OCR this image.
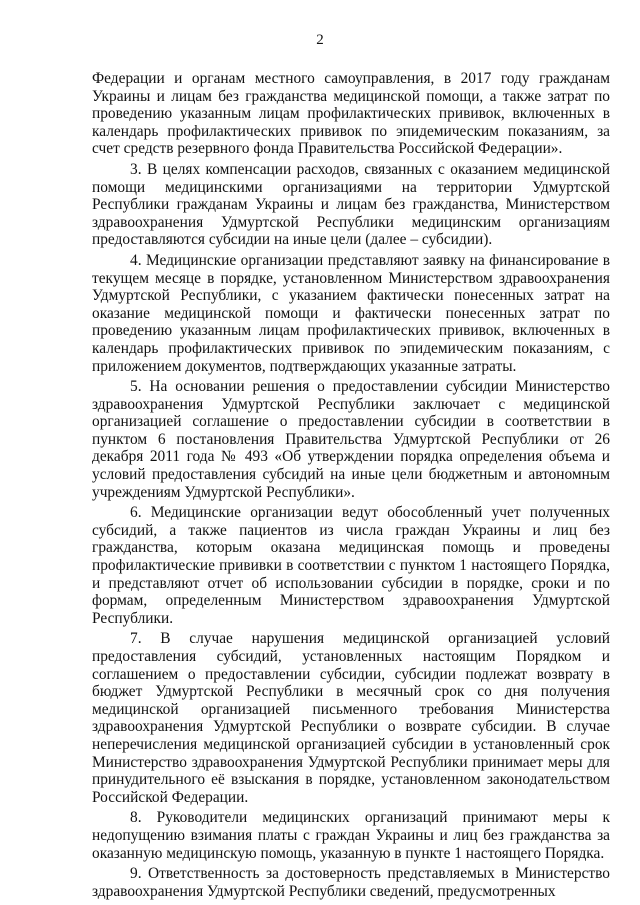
2

Федерации и органам местного самоуправления, в 2017 году гражданам Украины и лицам без гражданства медицинской помощи, а также затрат по проведению указанным лицам профилактических прививок, включенных в календарь профилактических прививок по эпидемическим показаниям, за счет средств резервного фонда Правительства Российской Федерации».

3. В целях компенсации расходов, связанных с оказанием медицинской помощи медицинскими организациями на территории Удмуртской Республики гражданам Украины и лицам без гражданства, Министерством здравоохранения Удмуртской Республики медицинским организациям предоставляются субсидии на иные цели (далее – субсидии).

4. Медицинские организации представляют заявку на финансирование в текущем месяце в порядке, установленном Министерством здравоохранения Удмуртской Республики, с указанием фактически понесенных затрат на оказание медицинской помощи и фактически понесенных затрат по проведению указанным лицам профилактических прививок, включенных в календарь профилактических прививок по эпидемическим показаниям, с приложением документов, подтверждающих указанные затраты.

5. На основании решения о предоставлении субсидии Министерство здравоохранения Удмуртской Республики заключает с медицинской организацией соглашение о предоставлении субсидии в соответствии в пунктом 6 постановления Правительства Удмуртской Республики от 26 декабря 2011 года № 493 «Об утверждении порядка определения объема и условий предоставления субсидий на иные цели бюджетным и автономным учреждениям Удмуртской Республики».

6. Медицинские организации ведут обособленный учет полученных субсидий, а также пациентов из числа граждан Украины и лиц без гражданства, которым оказана медицинская помощь и проведены профилактические прививки в соответствии с пунктом 1 настоящего Порядка, и представляют отчет об использовании субсидии в порядке, сроки и по формам, определенным Министерством здравоохранения Удмуртской Республики.

7. В случае нарушения медицинской организацией условий предоставления субсидий, установленных настоящим Порядком и соглашением о предоставлении субсидии, субсидии подлежат возврату в бюджет Удмуртской Республики в месячный срок со дня получения медицинской организацией письменного требования Министерства здравоохранения Удмуртской Республики о возврате субсидии. В случае неперечисления медицинской организацией субсидии в установленный срок Министерство здравоохранения Удмуртской Республики принимает меры для принудительного её взыскания в порядке, установленном законодательством Российской Федерации.

8. Руководители медицинских организаций принимают меры к недопущению взимания платы с граждан Украины и лиц без гражданства за оказанную медицинскую помощь, указанную в пункте 1 настоящего Порядка.

9. Ответственность за достоверность представляемых в Министерство здравоохранения Удмуртской Республики сведений, предусмотренных
